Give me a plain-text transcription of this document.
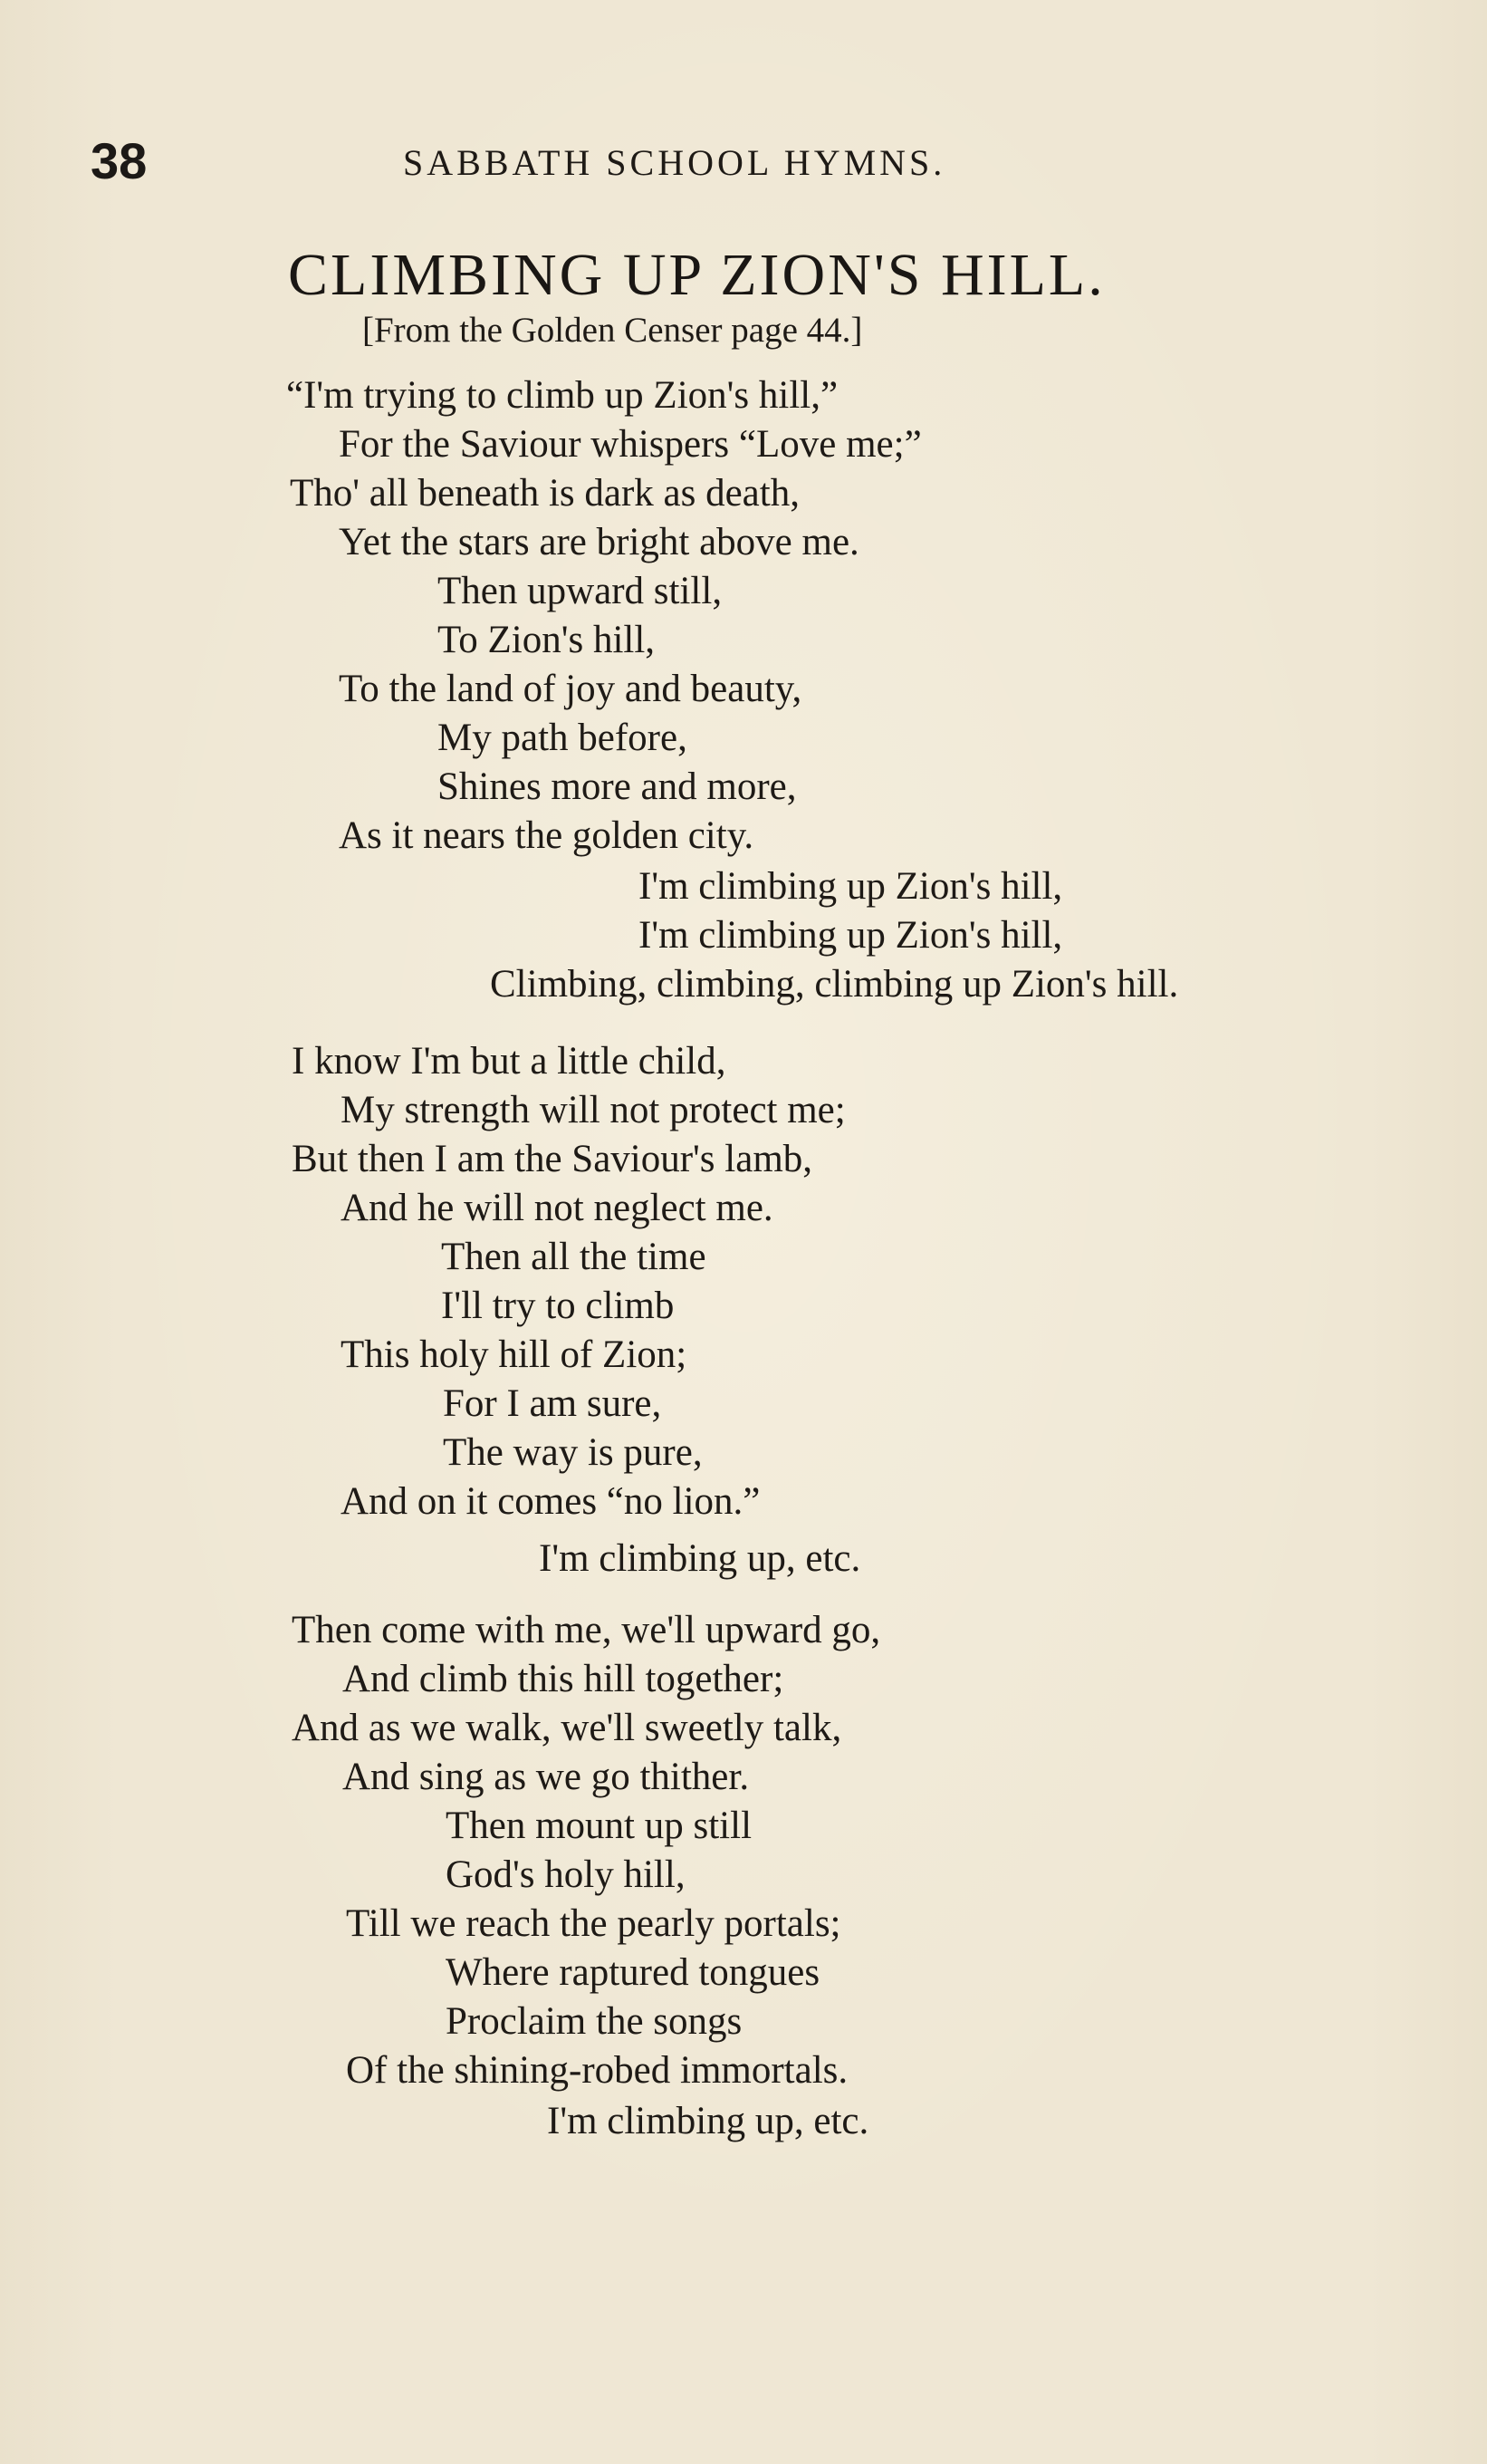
38	SABBATH SCHOOL HYMNS.
CLIMBING UP ZION'S HILL.
[From the Golden Censer page 44.]
“I'm trying to climb up Zion's hill,”
For the Saviour whispers “Love me;”
Tho' all beneath is dark as death,
Yet the stars are bright above me.
Then upward still,
To Zion's hill,
To the land of joy and beauty,
My path before,
Shines more and more,
As it nears the golden city.
I'm climbing up Zion's hill,
I'm climbing up Zion's hill,
Climbing, climbing, climbing up Zion's hill.
I know I'm but a little child,
My strength will not protect me;
But then I am the Saviour's lamb,
And he will not neglect me.
Then all the time
I'll try to climb
This holy hill of Zion;
For I am sure,
The way is pure,
And on it comes “no lion.”
I'm climbing up, etc.
Then come with me, we'll upward go,
And climb this hill together;
And as we walk, we'll sweetly talk,
And sing as we go thither.
Then mount up still
God's holy hill,
Till we reach the pearly portals;
Where raptured tongues
Proclaim the songs
Of the shining-robed immortals.
I'm climbing up, etc.
